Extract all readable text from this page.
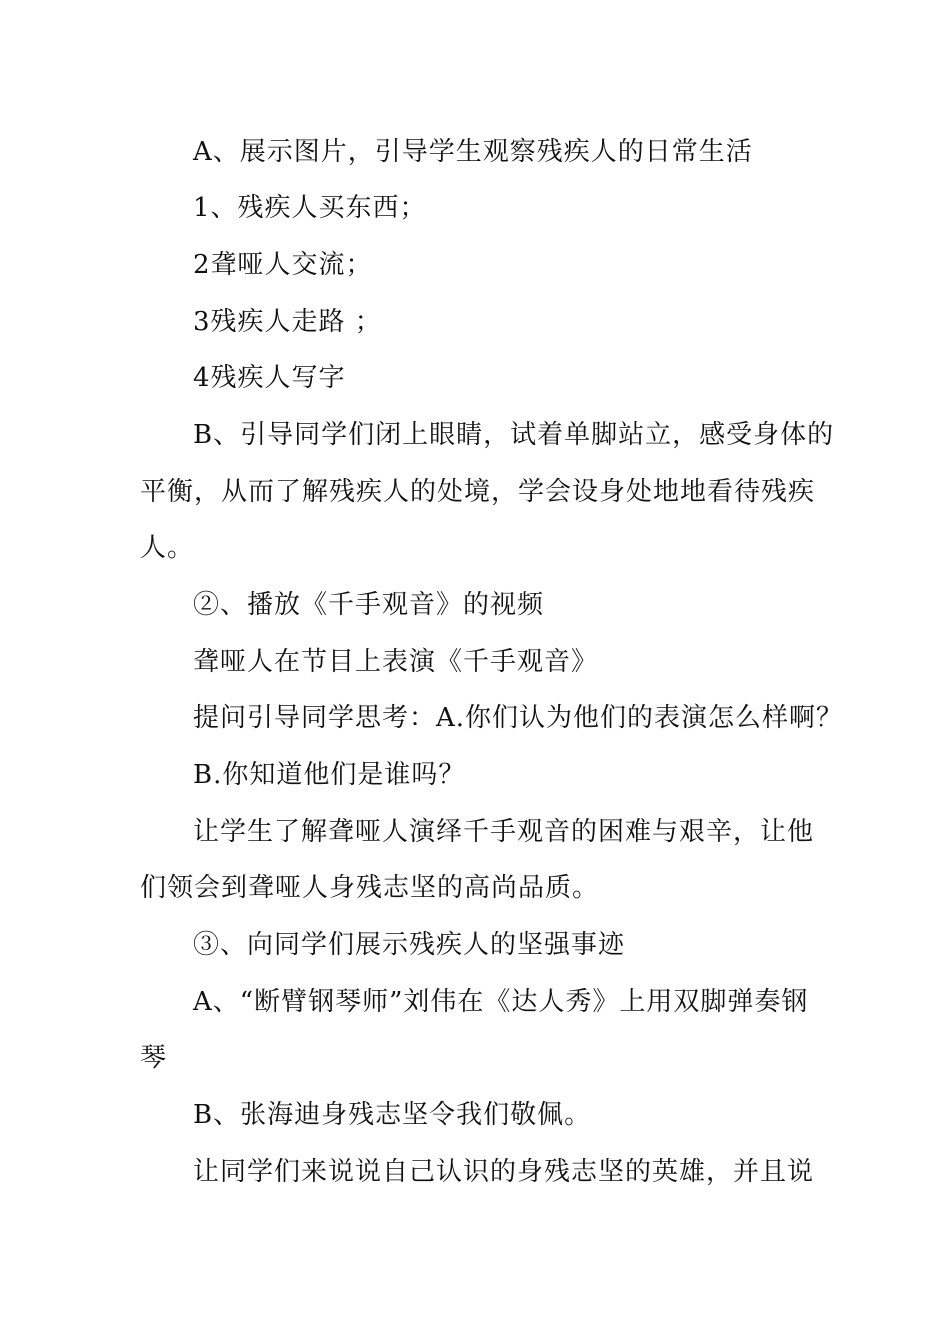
A、展示图片，引导学生观察残疾人的日常生活
1、残疾人买东西；
2聋哑人交流；
3残疾人走路 ；
4残疾人写字
B、引导同学们闭上眼睛，试着单脚站立，感受身体的
平衡，从而了解残疾人的处境，学会设身处地地看待残疾
人。
②、播放《千手观音》的视频
聋哑人在节目上表演《千手观音》
提问引导同学思考：A.你们认为他们的表演怎么样啊？
B.你知道他们是谁吗？
让学生了解聋哑人演绎千手观音的困难与艰辛，让他
们领会到聋哑人身残志坚的高尚品质。
③、向同学们展示残疾人的坚强事迹
A、“断臂钢琴师”刘伟在《达人秀》上用双脚弹奏钢
琴
B、张海迪身残志坚令我们敬佩。
让同学们来说说自己认识的身残志坚的英雄，并且说
